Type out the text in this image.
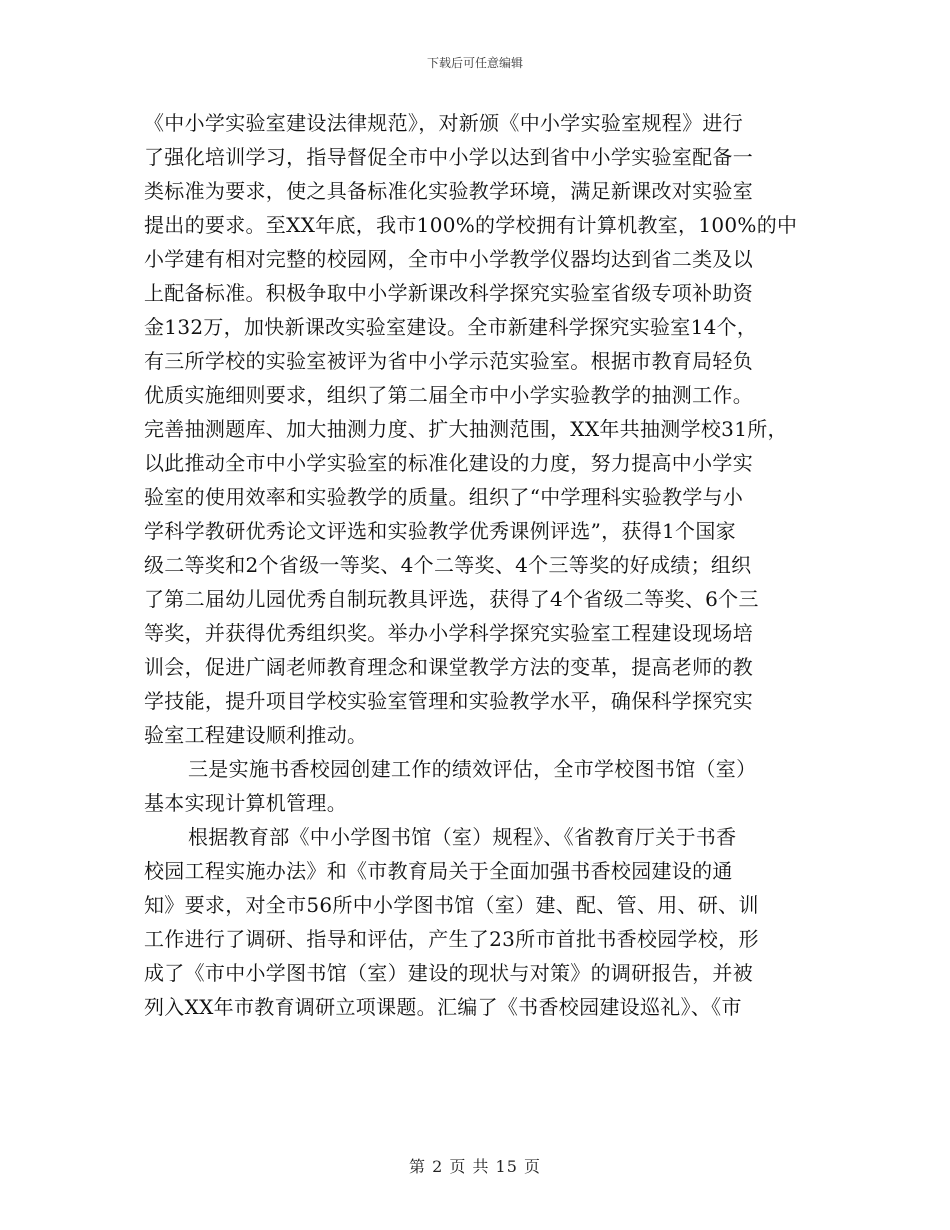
下载后可任意编辑
《中小学实验室建设法律规范》，对新颁《中小学实验室规程》进行
了强化培训学习，指导督促全市中小学以达到省中小学实验室配备一
类标准为要求，使之具备标准化实验教学环境，满足新课改对实验室
提出的要求。至XX年底，我市100%的学校拥有计算机教室，100%的中
小学建有相对完整的校园网，全市中小学教学仪器均达到省二类及以
上配备标准。积极争取中小学新课改科学探究实验室省级专项补助资
金132万，加快新课改实验室建设。全市新建科学探究实验室14个，
有三所学校的实验室被评为省中小学示范实验室。根据市教育局轻负
优质实施细则要求，组织了第二届全市中小学实验教学的抽测工作。
完善抽测题库、加大抽测力度、扩大抽测范围，XX年共抽测学校31所，
以此推动全市中小学实验室的标准化建设的力度，努力提高中小学实
验室的使用效率和实验教学的质量。组织了“中学理科实验教学与小
学科学教研优秀论文评选和实验教学优秀课例评选”，获得1个国家
级二等奖和2个省级一等奖、4个二等奖、4个三等奖的好成绩；组织
了第二届幼儿园优秀自制玩教具评选，获得了4个省级二等奖、6个三
等奖，并获得优秀组织奖。举办小学科学探究实验室工程建设现场培
训会，促进广阔老师教育理念和课堂教学方法的变革，提高老师的教
学技能，提升项目学校实验室管理和实验教学水平，确保科学探究实
验室工程建设顺利推动。
三是实施书香校园创建工作的绩效评估，全市学校图书馆（室）
基本实现计算机管理。
根据教育部《中小学图书馆（室）规程》、《省教育厅关于书香
校园工程实施办法》和《市教育局关于全面加强书香校园建设的通
知》要求，对全市56所中小学图书馆（室）建、配、管、用、研、训
工作进行了调研、指导和评估，产生了23所市首批书香校园学校，形
成了《市中小学图书馆（室）建设的现状与对策》的调研报告，并被
列入XX年市教育调研立项课题。汇编了《书香校园建设巡礼》、《市
第 2 页 共 15 页
